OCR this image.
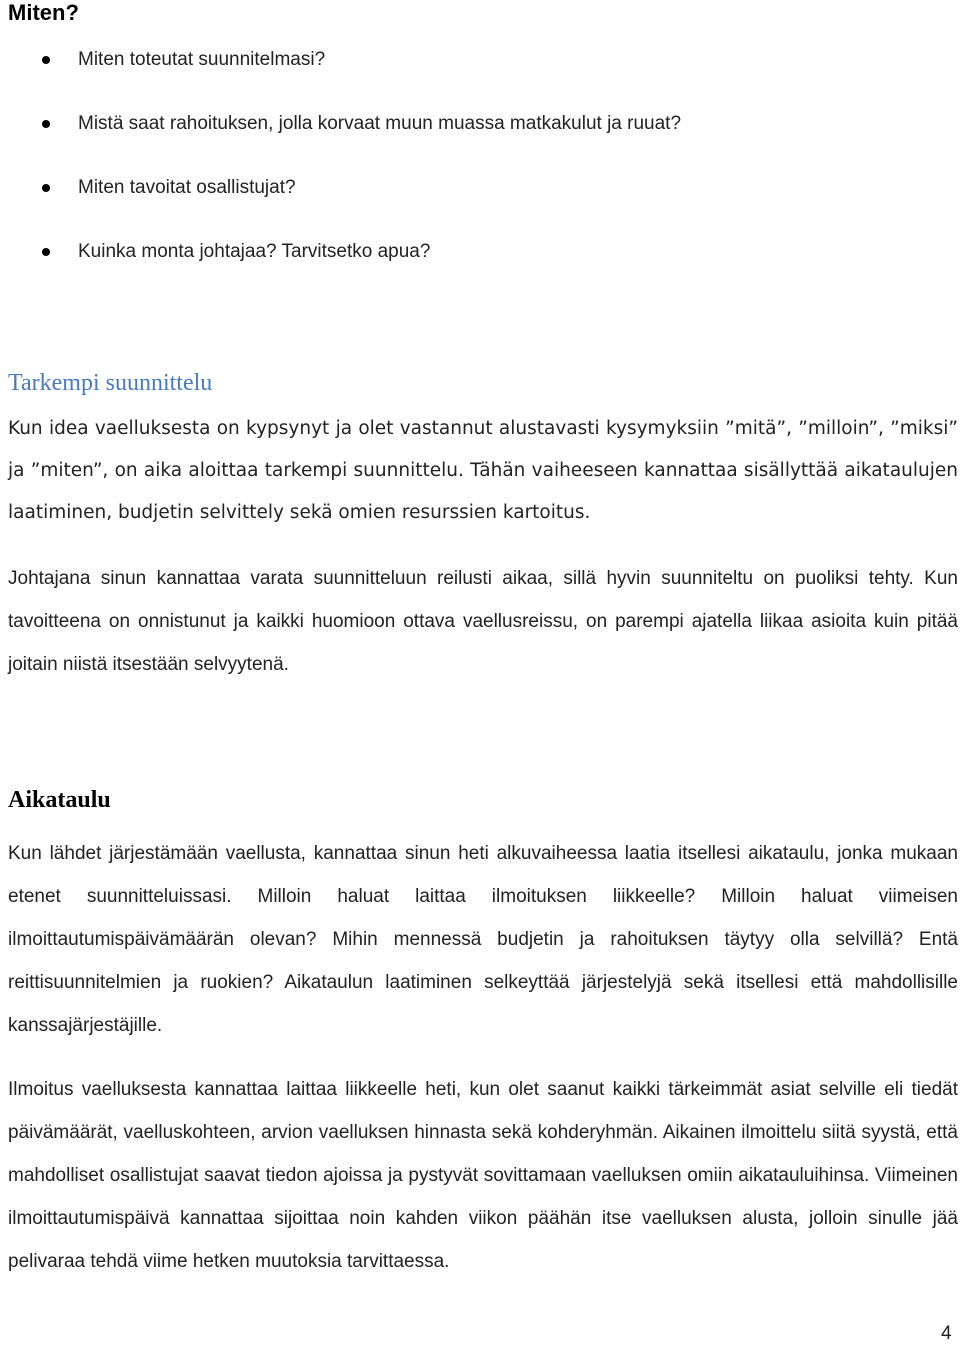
Miten?
Miten toteutat suunnitelmasi?
Mistä saat rahoituksen, jolla korvaat muun muassa matkakulut ja ruuat?
Miten tavoitat osallistujat?
Kuinka monta johtajaa? Tarvitsetko apua?
Tarkempi suunnittelu

Kun idea vaelluksesta on kypsynyt ja olet vastannut alustavasti kysymyksiin ”mitä”, ”milloin”, ”miksi” ja ”miten”, on aika aloittaa tarkempi suunnittelu. Tähän vaiheeseen kannattaa sisällyttää aikataulujen laatiminen, budjetin selvittely sekä omien resurssien kartoitus.

Johtajana sinun kannattaa varata suunnitteluun reilusti aikaa, sillä hyvin suunniteltu on puoliksi tehty. Kun tavoitteena on onnistunut ja kaikki huomioon ottava vaellusreissu, on parempi ajatella liikaa asioita kuin pitää joitain niistä itsestään selvyytenä.

Aikataulu

Kun lähdet järjestämään vaellusta, kannattaa sinun heti alkuvaiheessa laatia itsellesi aikataulu, jonka mukaan etenet suunnitteluissasi. Milloin haluat laittaa ilmoituksen liikkeelle? Milloin haluat viimeisen ilmoittautumispäivämäärän olevan? Mihin mennessä budjetin ja rahoituksen täytyy olla selvillä? Entä reittisuunnitelmien ja ruokien? Aikataulun laatiminen selkeyttää järjestelyjä sekä itsellesi että mahdollisille kanssajärjestäjille.

Ilmoitus vaelluksesta kannattaa laittaa liikkeelle heti, kun olet saanut kaikki tärkeimmät asiat selville eli tiedät päivämäärät, vaelluskohteen, arvion vaelluksen hinnasta sekä kohderyhmän. Aikainen ilmoittelu siitä syystä, että mahdolliset osallistujat saavat tiedon ajoissa ja pystyvät sovittamaan vaelluksen omiin aikatauluihinsa. Viimeinen ilmoittautumispäivä kannattaa sijoittaa noin kahden viikon päähän itse vaelluksen alusta, jolloin sinulle jää pelivaraa tehdä viime hetken muutoksia tarvittaessa.

4
